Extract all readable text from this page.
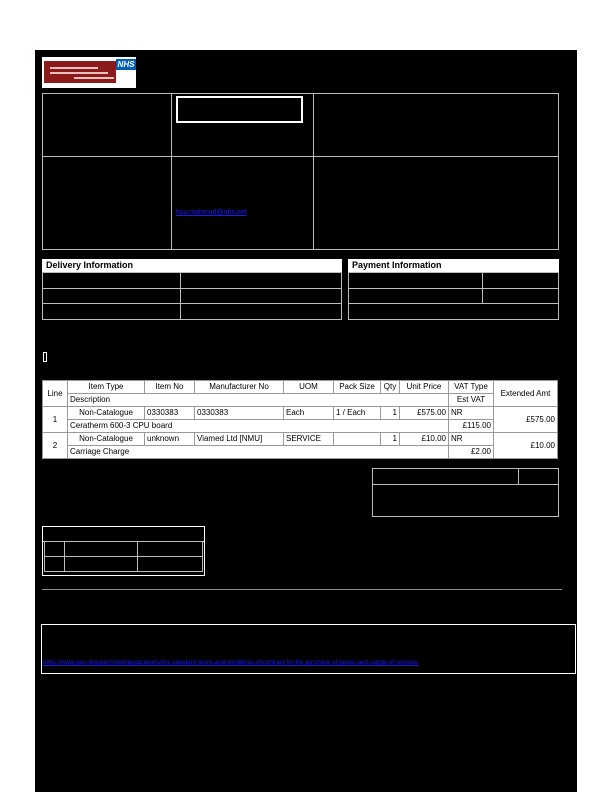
NHS
hsu.mahmud@nhs.net
Delivery Information	Payment Information
Line	Item Type	Item No	Manufacturer No	UOM	Pack Size	Qty	Unit Price	VAT Type	Extended Amt
	Description							Est VAT	
1	Non-Catalogue	0330383	0330383	Each	1 / Each	1	£575.00	NR	£575.00
	Ceratherm 600-3 CPU board							£115.00	
2	Non-Catalogue	unknown	Viamed Ltd [NMU]	SERVICE		1	£10.00	NR	£10.00
	Carriage Charge							£2.00	
https://www.gov.uk/government/publications/nhs-standard-terms-and-conditions-of-contract-for-the-purchase-of-goods-and-supply-of-services
